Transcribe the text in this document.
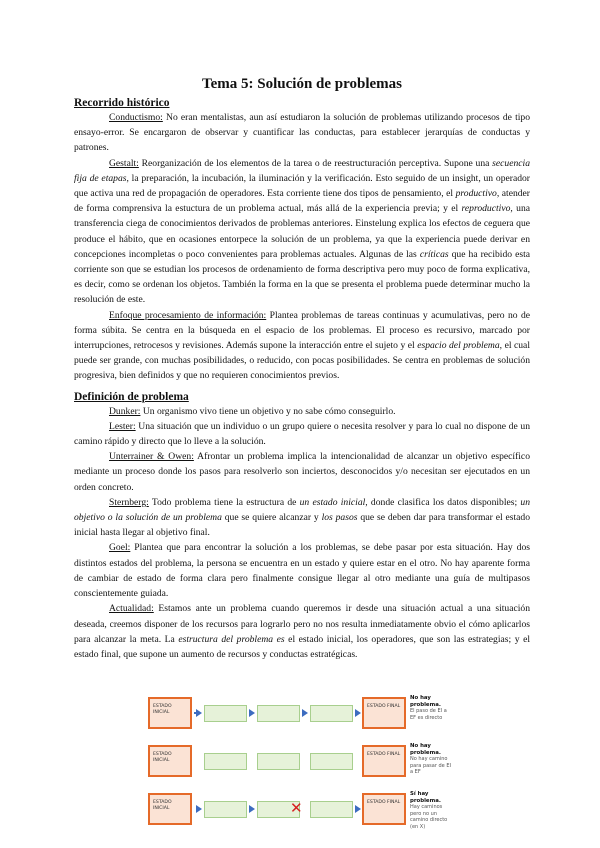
Tema 5: Solución de problemas

Recorrido histórico

Conductismo: No eran mentalistas, aun así estudiaron la solución de problemas utilizando procesos de tipo ensayo-error. Se encargaron de observar y cuantificar las conductas, para establecer jerarquías de conductas y patrones.

Gestalt: Reorganización de los elementos de la tarea o de reestructuración perceptiva. Supone una secuencia fija de etapas, la preparación, la incubación, la iluminación y la verificación. Esto seguido de un insight, un operador que activa una red de propagación de operadores. Esta corriente tiene dos tipos de pensamiento, el productivo, atender de forma comprensiva la estuctura de un problema actual, más allá de la experiencia previa; y el reproductivo, una transferencia ciega de conocimientos derivados de problemas anteriores. Einstelung explica los efectos de ceguera que produce el hábito, que en ocasiones entorpece la solución de un problema, ya que la experiencia puede derivar en concepciones incompletas o poco convenientes para problemas actuales. Algunas de las críticas que ha recibido esta corriente son que se estudian los procesos de ordenamiento de forma descriptiva pero muy poco de forma explicativa, es decir, como se ordenan los objetos. También la forma en la que se presenta el problema puede determinar mucho la resolución de este.

Enfoque procesamiento de información: Plantea problemas de tareas continuas y acumulativas, pero no de forma súbita. Se centra en la búsqueda en el espacio de los problemas. El proceso es recursivo, marcado por interrupciones, retrocesos y revisiones. Además supone la interacción entre el sujeto y el espacio del problema, el cual puede ser grande, con muchas posibilidades, o reducido, con pocas posibilidades. Se centra en problemas de solución progresiva, bien definidos y que no requieren conocimientos previos.

Definición de problema

Dunker: Un organismo vivo tiene un objetivo y no sabe cómo conseguirlo.

Lester: Una situación que un individuo o un grupo quiere o necesita resolver y para lo cual no dispone de un camino rápido y directo que lo lleve a la solución.

Unterrainer & Owen: Afrontar un problema implica la intencionalidad de alcanzar un objetivo específico mediante un proceso donde los pasos para resolverlo son inciertos, desconocidos y/o necesitan ser ejecutados en un orden concreto.

Sternberg: Todo problema tiene la estructura de un estado inicial, donde clasifica los datos disponibles; un objetivo o la solución de un problema que se quiere alcanzar y los pasos que se deben dar para transformar el estado inicial hasta llegar al objetivo final.

Goel: Plantea que para encontrar la solución a los problemas, se debe pasar por esta situación. Hay dos distintos estados del problema, la persona se encuentra en un estado y quiere estar en el otro. No hay aparente forma de cambiar de estado de forma clara pero finalmente consigue llegar al otro mediante una guía de multipasos conscientemente guiada.

Actualidad: Estamos ante un problema cuando queremos ir desde una situación actual a una situación deseada, creemos disponer de los recursos para lograrlo pero no nos resulta inmediatamente obvio el cómo aplicarlos para alcanzar la meta. La estructura del problema es el estado inicial, los operadores, que son las estrategias; y el estado final, que supone un aumento de recursos y conductas estratégicas.

ESTADO INICIAL
ESTADO FINAL
No hay problema.
El paso de EI a EF es directo
ESTADO INICIAL
ESTADO FINAL
No hay problema.
No hay camino para pasar de EI a EF
ESTADO INICIAL	✕	ESTADO FINAL
Sí hay problema.
Hay caminos pero no un camino directo (en X)
